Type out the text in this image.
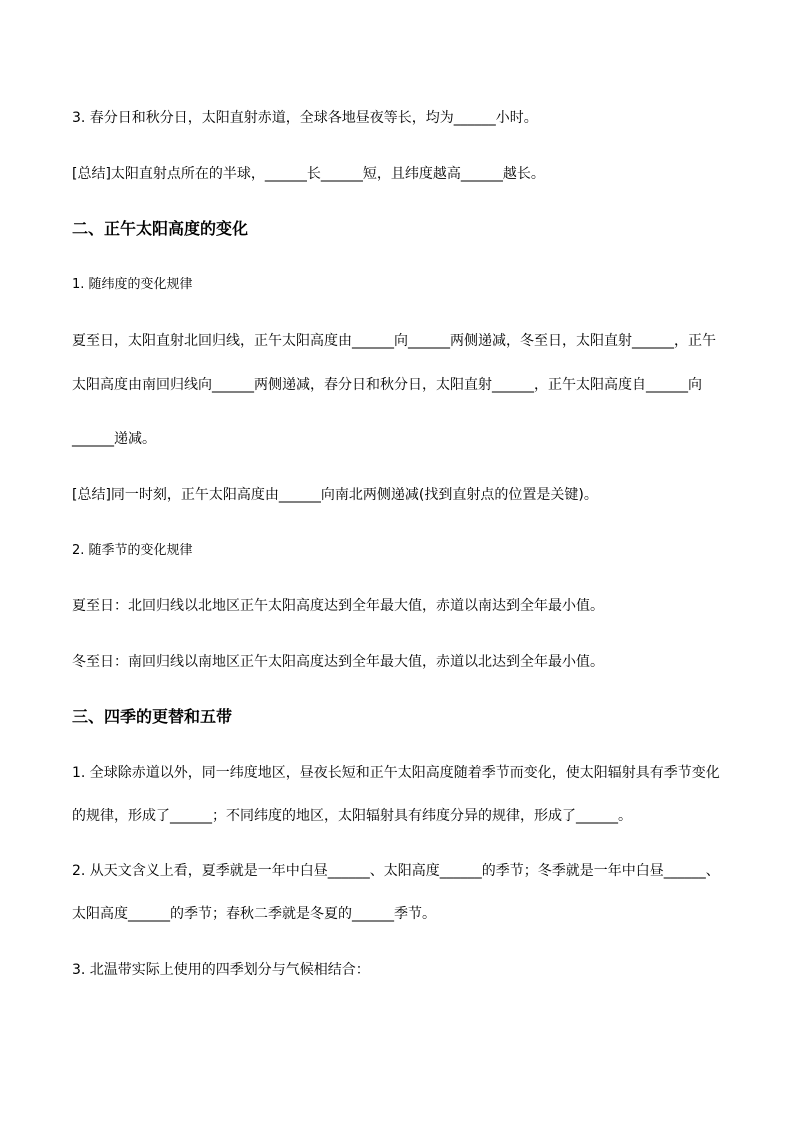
3. 春分日和秋分日，太阳直射赤道，全球各地昼夜等长，均为______小时。
[总结]太阳直射点所在的半球，______长______短，且纬度越高______越长。
二、正午太阳高度的变化
1. 随纬度的变化规律
夏至日，太阳直射北回归线，正午太阳高度由______向______两侧递减，冬至日，太阳直射______，正午
太阳高度由南回归线向______两侧递减，春分日和秋分日，太阳直射______，正午太阳高度自______向
______递减。
[总结]同一时刻，正午太阳高度由______向南北两侧递减(找到直射点的位置是关键)。
2. 随季节的变化规律
夏至日：北回归线以北地区正午太阳高度达到全年最大值，赤道以南达到全年最小值。
冬至日：南回归线以南地区正午太阳高度达到全年最大值，赤道以北达到全年最小值。
三、四季的更替和五带
1. 全球除赤道以外，同一纬度地区，昼夜长短和正午太阳高度随着季节而变化，使太阳辐射具有季节变化
的规律，形成了______；不同纬度的地区，太阳辐射具有纬度分异的规律，形成了______。
2. 从天文含义上看，夏季就是一年中白昼______、太阳高度______的季节；冬季就是一年中白昼______、
太阳高度______的季节；春秋二季就是冬夏的______季节。
3. 北温带实际上使用的四季划分与气候相结合：
